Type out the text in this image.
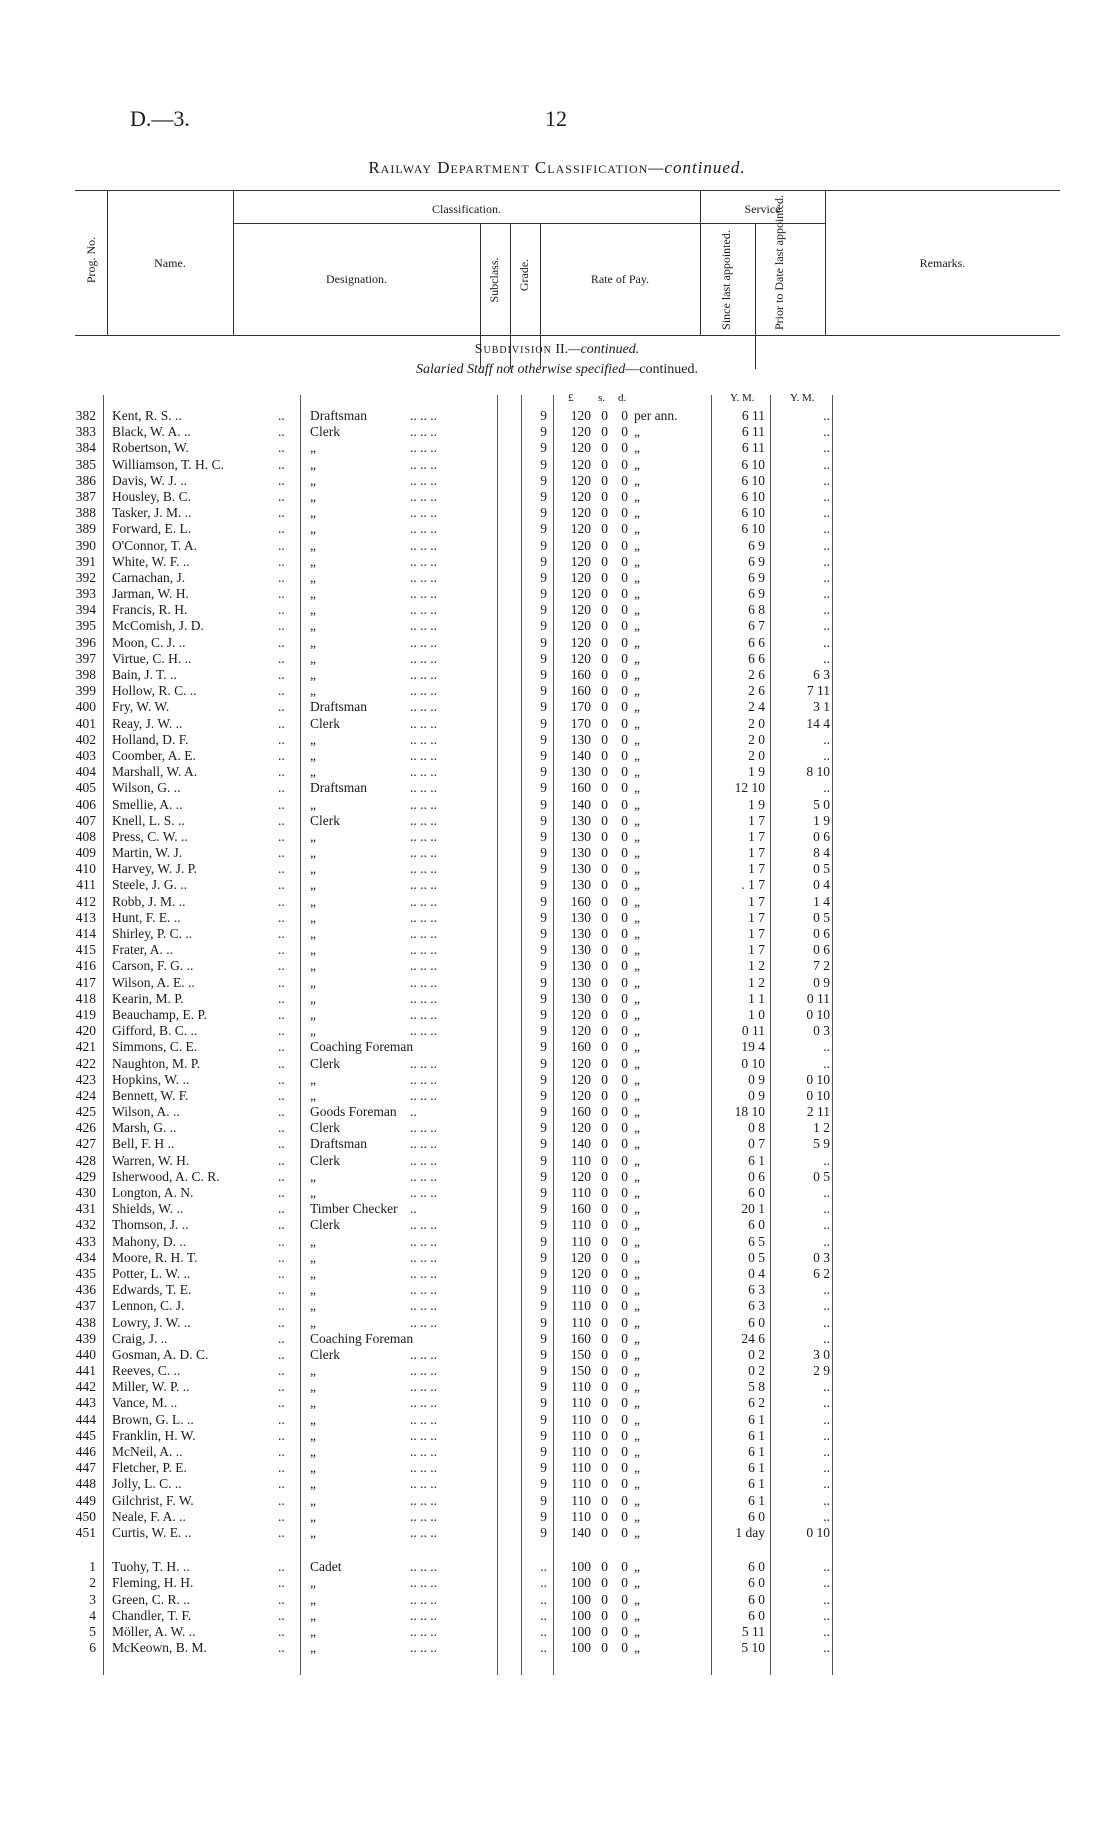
D.—3.	12
Railway Department Classification—continued.
Prog. No.	Name.
Classification.
Designation.	Subclass. Grade.	Rate of Pay.
Service
Since last appointed.	Prior to Date last appointed.	Remarks.
Subdivision II.—continued.
Salaried Staff not otherwise specified—continued.
£ s. d.	Y. M.	Y. M.
382 Kent, R. S. ..	.. Draftsman	.. .. ..	9	120 0 0 per ann.	6 11	..
383 Black, W. A. ..	.. Clerk	.. .. ..	9	120 0 0 „	6 11	..
384 Robertson, W.	.. „	.. .. ..	9	120 0 0 „	6 11	..
385 Williamson, T. H. C.	.. „	.. .. ..	9	120 0 0 „	6 10	..
386 Davis, W. J. ..	.. „	.. .. ..	9	120 0 0 „	6 10	..
387 Housley, B. C.	.. „	.. .. ..	9	120 0 0 „	6 10	..
388 Tasker, J. M. ..	.. „	.. .. ..	9	120 0 0 „	6 10	..
389 Forward, E. L.	.. „	.. .. ..	9	120 0 0 „	6 10	..
390 O'Connor, T. A.	.. „	.. .. ..	9	120 0 0 „	6 9	..
391 White, W. F. ..	.. „	.. .. ..	9	120 0 0 „	6 9	..
392 Carnachan, J.	.. „	.. .. ..	9	120 0 0 „	6 9	..
393 Jarman, W. H.	.. „	.. .. ..	9	120 0 0 „	6 9	..
394 Francis, R. H.	.. „	.. .. ..	9	120 0 0 „	6 8	..
395 McComish, J. D.	.. „	.. .. ..	9	120 0 0 „	6 7	..
396 Moon, C. J. ..	.. „	.. .. ..	9	120 0 0 „	6 6	..
397 Virtue, C. H. ..	.. „	.. .. ..	9	120 0 0 „	6 6	..
398 Bain, J. T. ..	.. „	.. .. ..	9	160 0 0 „	2 6	6 3
399 Hollow, R. C. ..	.. „	.. .. ..	9	160 0 0 „	2 6	7 11
400 Fry, W. W.	.. Draftsman	.. .. ..	9	170 0 0 „	2 4	3 1
401 Reay, J. W. ..	.. Clerk	.. .. ..	9	170 0 0 „	2 0	14 4
402 Holland, D. F.	.. „	.. .. ..	9	130 0 0 „	2 0	..
403 Coomber, A. E.	.. „	.. .. ..	9	140 0 0 „	2 0	..
404 Marshall, W. A.	.. „	.. .. ..	9	130 0 0 „	1 9	8 10
405 Wilson, G. ..	.. Draftsman	.. .. ..	9	160 0 0 „	12 10	..
406 Smellie, A. ..	.. „	.. .. ..	9	140 0 0 „	1 9	5 0
407 Knell, L. S. ..	.. Clerk	.. .. ..	9	130 0 0 „	1 7	1 9
408 Press, C. W. ..	.. „	.. .. ..	9	130 0 0 „	1 7	0 6
409 Martin, W. J.	.. „	.. .. ..	9	130 0 0 „	1 7	8 4
410 Harvey, W. J. P.	.. „	.. .. ..	9	130 0 0 „	1 7	0 5
411 Steele, J. G. ..	.. „	.. .. ..	9	130 0 0 „	. 1 7	0 4
412 Robb, J. M. ..	.. „	.. .. ..	9	160 0 0 „	1 7	1 4
413 Hunt, F. E. ..	.. „	.. .. ..	9	130 0 0 „	1 7	0 5
414 Shirley, P. C. ..	.. „	.. .. ..	9	130 0 0 „	1 7	0 6
415 Frater, A. ..	.. „	.. .. ..	9	130 0 0 „	1 7	0 6
416 Carson, F. G. ..	.. „	.. .. ..	9	130 0 0 „	1 2	7 2
417 Wilson, A. E. ..	.. „	.. .. ..	9	130 0 0 „	1 2	0 9
418 Kearin, M. P.	.. „	.. .. ..	9	130 0 0 „	1 1	0 11
419 Beauchamp, E. P.	.. „	.. .. ..	9	120 0 0 „	1 0	0 10
420 Gifford, B. C. ..	.. „	.. .. ..	9	120 0 0 „	0 11	0 3
421 Simmons, C. E.	.. Coaching Foreman	9	160 0 0 „	19 4	..
422 Naughton, M. P.	.. Clerk	.. .. ..	9	120 0 0 „	0 10	..
423 Hopkins, W. ..	.. „	.. .. ..	9	120 0 0 „	0 9	0 10
424 Bennett, W. F.	.. „	.. .. ..	9	120 0 0 „	0 9	0 10
425 Wilson, A. ..	.. Goods Foreman ..	9	160 0 0 „	18 10	2 11
426 Marsh, G. ..	.. Clerk	.. .. ..	9	120 0 0 „	0 8	1 2
427 Bell, F. H ..	.. Draftsman	.. .. ..	9	140 0 0 „	0 7	5 9
428 Warren, W. H.	.. Clerk	.. .. ..	9	110 0 0 „	6 1	..
429 Isherwood, A. C. R.	.. „	.. .. ..	9	120 0 0 „	0 6	0 5
430 Longton, A. N.	.. „	.. .. ..	9	110 0 0 „	6 0	..
431 Shields, W. ..	.. Timber Checker ..	9	160 0 0 „	20 1	..
432 Thomson, J. ..	.. Clerk	.. .. ..	9	110 0 0 „	6 0	..
433 Mahony, D. ..	.. „	.. .. ..	9	110 0 0 „	6 5	..
434 Moore, R. H. T.	.. „	.. .. ..	9	120 0 0 „	0 5	0 3
435 Potter, L. W. ..	.. „	.. .. ..	9	120 0 0 „	0 4	6 2
436 Edwards, T. E.	.. „	.. .. ..	9	110 0 0 „	6 3	..
437 Lennon, C. J.	.. „	.. .. ..	9	110 0 0 „	6 3	..
438 Lowry, J. W. ..	.. „	.. .. ..	9	110 0 0 „	6 0	..
439 Craig, J. ..	.. Coaching Foreman	9	160 0 0 „	24 6	..
440 Gosman, A. D. C.	.. Clerk	.. .. ..	9	150 0 0 „	0 2	3 0
441 Reeves, C. ..	.. „	.. .. ..	9	150 0 0 „	0 2	2 9
442 Miller, W. P. ..	.. „	.. .. ..	9	110 0 0 „	5 8	..
443 Vance, M. ..	.. „	.. .. ..	9	110 0 0 „	6 2	..
444 Brown, G. L. ..	.. „	.. .. ..	9	110 0 0 „	6 1	..
445 Franklin, H. W.	.. „	.. .. ..	9	110 0 0 „	6 1	..
446 McNeil, A. ..	.. „	.. .. ..	9	110 0 0 „	6 1	..
447 Fletcher, P. E.	.. „	.. .. ..	9	110 0 0 „	6 1	..
448 Jolly, L. C. ..	.. „	.. .. ..	9	110 0 0 „	6 1	..
449 Gilchrist, F. W.	.. „	.. .. ..	9	110 0 0 „	6 1	..
450 Neale, F. A. ..	.. „	.. .. ..	9	110 0 0 „	6 0	..
451 Curtis, W. E. ..	.. „	.. .. ..	9	140 0 0 „	1 day	0 10
1 Tuohy, T. H. ..	.. Cadet	.. .. ..	..	100 0 0 „	6 0	..
2 Fleming, H. H.	.. „	.. .. ..	..	100 0 0 „	6 0	..
3 Green, C. R. ..	.. „	.. .. ..	..	100 0 0 „	6 0	..
4 Chandler, T. F.	.. „	.. .. ..	..	100 0 0 „	6 0	..
5 Möller, A. W. ..	.. „	.. .. ..	..	100 0 0 „	5 11	..
6 McKeown, B. M.	.. „	.. .. ..	..	100 0 0 „	5 10	..
